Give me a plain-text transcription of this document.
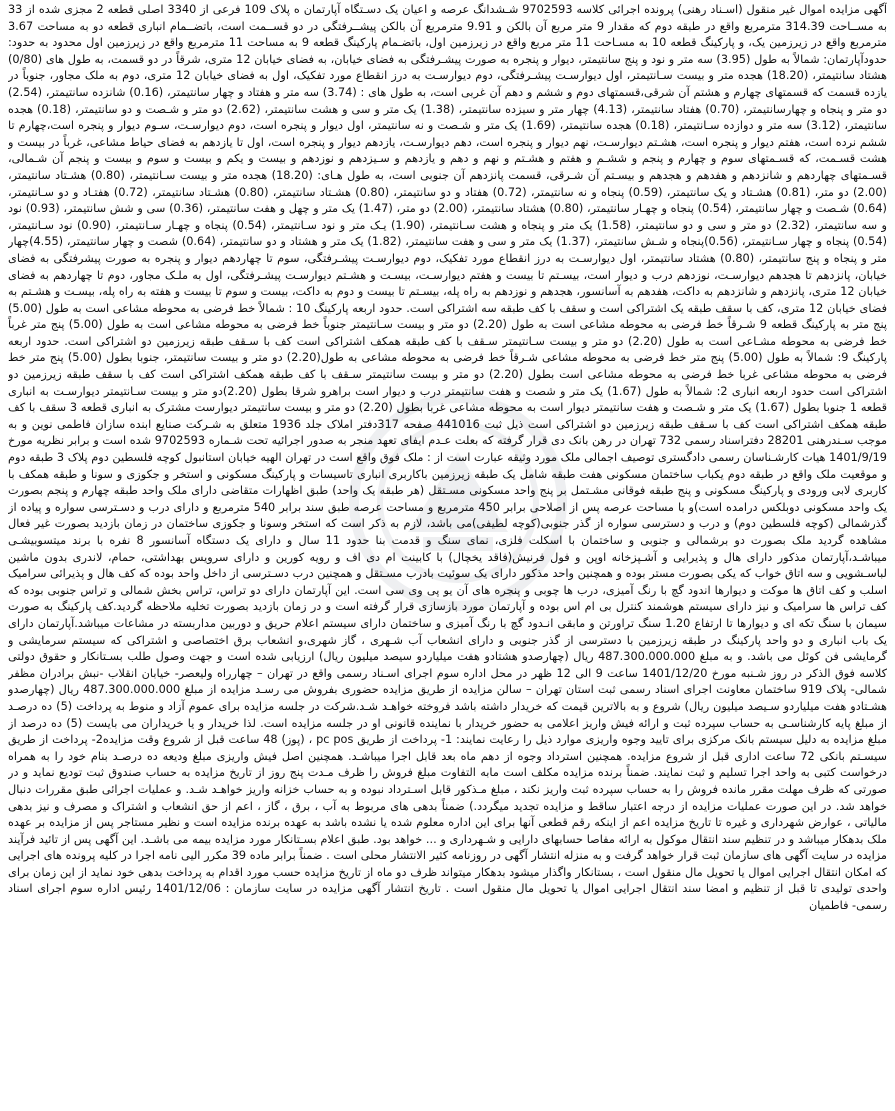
آگهی مزایده اموال غیر منقول (اسـناد رهنی) پرونده اجرائی کلاسه 9702593 شـشدانگ عرصه و اعیان یک دسـتگاه آپارتمان ه پلاک 109 فرعی از 3340 اصلی قطعه 2 مجزی شده از 33 به مســاحت 314.39 مترمربع واقع در طبقه دوم که مقدار 9 متر مربع آن بالکن و 9.91 مترمربع آن بالکن پیشــرفتگی در دو قســمت است، باتضــمام انباری قطعه دو به مساحت 3.67 مترمربع واقع در زیرزمین یک، و پارکینگ قطعه 10 به مسـاحت 11 متر مربع واقع در زیرزمین اول، باتضـمام پارکینگ قطعه 9 به مساحت 11 مترمربع واقع در زیرزمین اول محدود به حدود: حدودآپارتمان: شمالاً به طول (3.95) سه متر و نود و پنج سانتیمتر، دیوار و پنجره به صورت پیشـرفتگی به فضای خیابان، به فضای خیابان 12 متری، شرقاً در دو قسمت، به طول های (0/80) هشتاد سانتیمتر، (18.20) هجده متر و بیست سـانتیمتر، اول دیوارسـت پیشـرفتگی، دوم دیوارسـت به درز انقطاع مورد تفکیک، اول به فضای خیابان 12 متری، دوم به ملک مجاور، جنوباً در یازده قسمت که قسمتهای چهارم و هشتم آن شرقی،قسمتهای دوم و ششم و دهم آن غربی است، به طول های : (3.74) سه متر و هفتاد و چهار سانتیمتر، (0.16) شانزده سانتیمتر، (2.54) دو متر و پنجاه و چهارسانتیمتر، (0.70) هفتاد سانتیمتر، (4.13) چهار متر و سیزده سانتیمتر، (1.38) یک متر و سی و هشت سانتیمتر، (2.62) دو متر و شـصت و دو سانتیمتر، (0.18) هجده سانتیمتر، (3.12) سه متر و دوازده سـانتیمتر، (0.18) هجده سانتیمتر، (1.69) یک متر و شـصت و نه سانتیمتر، اول دیوار و پنجره است، دوم دیوارسـت، سـوم دیوار و پنجره است،چهارم تا ششم نرده است، هفتم دیوار و پنجره است، هشـتم دیوارسـت، نهم دیوار و پنجره است، دهم دیوارسـت، یازدهم دیوار و پنجره است، اول تا یازدهم به فضای حیاط مشاعی، غرباً در بیست و هشت قسـمت، که قسـمتهای سوم و چهارم و پنجم و ششـم و هفتم و هشـتم و نهم و دهم و یازدهم و سـیزدهم و نوزدهم و بیست و یکم و بیست و سوم و بیست و پنجم آن شـمالی، قسـمتهای چهاردهم و شانزدهم و هفدهم و هجدهم و بیسـتم آن شـرقی، قسمت پانزدهم آن جنوبی است، به طول هـای: (18.20) هجده متر و بیست سـانتیمتر، (0.80) هشـتاد سانتیمتر، (2.00) دو متر، (0.81) هشـتاد و یک سانتیمتر، (0.59) پنجاه و نه سانتیمتر، (0.72) هفتاد و دو سانتیمتر، (0.80) هشـتاد سانتیمتر، (0.80) هشـتاد سانتیمتر، (0.72) هفتـاد و دو سـانتیمتر، (0.64) شـصت و چهار سانتیمتر، (0.54) پنجاه و چهـار سانتیمتر، (0.80) هشتاد سانتیمتر، (2.00) دو متر، (1.47) یک متر و چهل و هفت سانتیمتر، (0.36) سی و شش سانتیمتر، (0.93) نود و سه سانتیمتر، (2.32) دو متر و سی و دو سانتیمتر، (1.58) یک متر و پنجاه و هشت سـانتیمتر، (1.90) یـک متر و نود سـانتیمتر، (0.54) پنجاه و چهـار سـانتیمتر، (0.90) نود سـانتیمتر، (0.54) پنجاه و چهار سـانتیمتر، (0.56)پنجاه و شـش سانتیمتر، (1.37) یک متر و سی و هفت سانتیمتر، (1.82) یک متر و هشتاد و دو سانتیمتر، (0.64) شصت و چهار سانتیمتر، (4.55)چهار متر و پنجاه و پنج سانتیمتر، (0.80) هشتاد سانتیمتر، اول دیوارسـت به درز انقطاع مورد تفکیک، دوم دیوارسـت پیشـرفتگی، سوم تا چهاردهم دیوار و پنجره به صورت پیشرفتگی به فضای خیابان، پانزدهم تا هجدهم دیوارسـت، نوزدهم درب و دیوار است، بیسـتم تا بیست و هفتم دیوارسـت، بیسـت و هشـتم دیوارسـت پیشـرفتگی، اول به ملـک مجاور، دوم تا چهاردهم به فضای خیابان 12 متری، پانزدهم و شانزدهم به داکت، هفدهم به آسانسور، هجدهم و نوزدهم به راه پله، بیسـتم تا بیست و دوم به داکت، بیست و سوم تا بیست و هفته به راه پله، بیسـت و هشـتم به فضای خیابان 12 متری، کف با سقف طبقه یک اشتراکی است و سقف با کف طبقه سه اشتراکی است. حدود اربعه پارکینگ 10 : شمالاً خط فرضی به محوطه مشاعی است به طول (5.00) پنج متر به پارکینگ قطعه 9 شـرقاً خط فرضی به محوطه مشاعی است به طول (2.20) دو متر و بیست سـانتیمتر جنوباً خط فرضی به محوطه مشاعی است به طول (5.00) پنج متر غرباً خط فرضی به محوطه مشـاعی است به طول (2.20) دو متر و بیست سـانتیمتر سـقف با کف طبقه همکف اشتراکی است کف با سـقف طبقه زیرزمین دو اشتراکی است. حدود اربعه پارکینگ 9: شمالاً به طول (5.00) پنج متر خط فرضی به محوطه مشاعی شـرقاً خط فرضی به محوطه مشاعی به طول(2.20) دو متر و بیست سانتیمتر، جنوبا بطول (5.00) پنج متر خط فرضی به محوطه مشاعی غربا خط فرضی به محوطه مشاعی است بطول (2.20) دو متر و بیست سانتیمتر سـقف با کف طبقه همکف اشتراکی است کف با سقف طبقه زیرزمین دو اشتراکی است حدود اربعه انباری 2: شمالاً به طول (1.67) یک متر و شصت و هفت سانتیمتر درب و دیوار است براهرو شرقا بطول (2.20)دو متر و بیست سـانتیمتر دیوارسـت به انباری قطعه 1 جنوبا بطول (1.67) یک متر و شـصت و هفت سانتیمتر دیوار است به محوطه مشاعی غربا بطول (2.20) دو متر و بیست سانتیمتر دیوارست مشترک به انباری قطعه 3 سقف با کف طبقه همکف اشتراکی است کف با سـقف طبقه زیرزمین دو اشتراکی است ذیل ثبت 441016 صفحه 317دفتر املاک جلد 1936 متعلق به شـرکت صنایع ابنده سازان فاطمی نوین و به موجب سـندرهنی 28201 دفتراسناد رسمی 732 تهران در رهن بانک دی قرار گرفته که بعلت عـدم ایفای تعهد منجر به صدور اجرائیه تحت شـماره 9702593 شده است و برابر نظریه مورخ 1401/9/19 هیات کارشـناسان رسمی دادگستری توصیف اجمالی ملک مورد وثیقه عبارت است از : ملک فوق واقع است در تهران الهیه خیابان استانبول کوچه فلسطین دوم پلاک 3 طبقه دوم و موقعیت ملک واقع در طبقه دوم یکباب ساختمان مسکونی هفت طبقه شامل یک طبقه زیرزمین باکاربری انباری تاسیسات و پارکینگ مسکونی و استخر و جکوزی و سونا و طبقه همکف با کاربری لابی ورودی و پارکینگ مسکونی و پنج طبقه فوقانی مشـتمل بر پنج واحد مسکونی مسـتقل (هر طبقه یک واحد) طبق اظهارات متقاضی دارای ملک واحد طبقه چهارم و پنجم بصورت یک واحد مسکونی دوبلکس درامده است)و با مساحت عرصه پس از اصلاحی برابر 450 مترمربع و مساحت عرصه طبق سند برابر 540 مترمربع و دارای درب و دسـترسی سواره و پیاده از گذرشمالی (کوچه فلسطین دوم) و درب و دسترسی سواره از گذر جنوبی(کوچه لطیفی)می باشد، لازم به ذکر است که استخر وسونا و جکوزی ساختمان در زمان بازدید بصورت غیر فعال مشاهده گردید ملک بصورت دو برشمالی و جنوبی و ساختمان با اسکلت فلزی، نمای سنگ و قدمت بنا حدود 11 سال و دارای یک دستگاه آسانسور 8 نفره با برند میتسوبیشـی میباشـد،آپارتمان مذکور دارای هال و پذیرایی و آشـپزخانه اوپن و فول فرنیش(فاقد یخچال) با کابینت ام دی اف و رویه کورین و دارای سرویس بهداشتی، حمام، لاندری بدون ماشین لباسـشویی و سه اتاق خواب که یکی بصورت مستر بوده و همچنین واحد مذکور دارای یک سوئیت بادرب مسـتقل و همچنین درب دسـترسی از داخل واحد بوده که کف هال و پذیرائی سرامیک اسلب و کف اتاق ها موکت و دیوارها اندود گچ با رنگ آمیزی، درب ها چوبی و پنجره های آن یو پی وی سی است. این آپارتمان دارای دو تراس، تراس بخش شمالی و تراس جنوبی بوده که کف تراس ها سرامیک و نیز دارای سیستم هوشمند کنترل بی ام اس بوده و آپارتمان مورد بازسازی قرار گرفته است و در زمان بازدید بصورت تخلیه ملاحظه گردید.کف پارکینگ به صورت سیمان با سنگ تکه ای و دیوارها تا ارتفاع 1.20 سنگ تراورتن و مابقی انـدود گچ با رنگ آمیزی و ساختمان دارای سیستم اعلام حریق و دوربین مداربسته در مشاعات میباشد.آپارتمان دارای یک باب انباری و دو واحد پارکینگ در طبقه زیرزمین با دسترسی از گذر جنوبی و دارای انشعاب آب شـهری ، گاز شهری،و انشعاب برق اختصاصی و اشتراکی که سیستم سرمایشی و گرمایشی فن کوئل می باشد. و به مبلغ 487.300.000.000 ریال (چهارصدو هشتادو هفت میلیاردو سیصد میلیون ریال) ارزیابی شده است و جهت وصول طلب بسـتانکار و حقوق دولتی کلاسه فوق الذکر در روز شـنبه مورخ 1401/12/20 ساعت 9 الی 12 ظهر در محل اداره سوم اجرای اسـناد رسمی واقع در تهران – چهارراه ولیعصر- خیابان انقلاب -نبش برادران مظفر شمالی- پلاک 919 ساختمان معاونت اجرای اسناد رسمی ثبت استان تهران – سالن مزایده از طریق مزایده حضوری بفروش می رسـد مزایده از مبلغ 487.300.000.000 ریال (چهارصدو هشـتادو هفت میلیاردو سـیصد میلیون ریال) شروع و به بالاترین قیمت که خریدار داشته باشد فروخته خواهـد شـد.شرکت در جلسه مزایده برای عموم آزاد و منوط به پرداخت (5) ده درصـد از مبلغ پایه کارشناسـی به حساب سپرده ثبت و ارائه فیش واریز اعلامی به حضور خریدار با نماینده قانونی او در جلسه مزایده است. لذا خریدار و یا خریداران می بایست (5) ده درصد از مبلغ مزایده به دلیل سیستم بانک مرکزی برای تایید وجوه واریزی موارد ذیل را رعایت نمایند: 1- پرداخت از طریق pc pos ، (پوز) 48 ساعت قبل از شروع وقت مزایده2- پرداخت از طریق سیسـتم بانکی 72 ساعت اداری قبل از شروع مزایده. همچنین استرداد وجوه از دهم ماه بعد قابل اجرا میباشـد. همچنین اصل فیش واریزی مبلغ ودیعه ده درصـد بنام خود را به همراه درخواست کتبی به واحد اجرا تسلیم و ثبت نمایند. ضمناً برنده مزایده مکلف است مابه التفاوت مبلغ فروش را ظرف مـدت پنج روز از تاریخ مزایده به حساب صندوق ثبت تودیع نماید و در صورتی که ظرف مهلت مقرر مانده فروش را به حساب سپرده ثبت واریز نکند ، مبلغ مـذکور قابل اسـترداد نبوده و به حساب خزانه واریز خواهـد شـد. و عملیات اجرائی طبق مقررات دنبال خواهد شد. در این صورت عملیات مزایده از درجه اعتبار ساقط و مزایده تجدید میگردد.) ضمناً بدهی های مربوط به آب ، برق ، گاز ، اعم از حق انشعاب و اشتراک و مصرف و نیز بدهی مالیاتی ، عوارض شهرداری و غیره تا تاریخ مزایده اعم از اینکه رقم قطعی آنها برای این اداره معلوم شده یا نشده باشد به عهده برنده مزایده است و نظیر مستاجر پس از مزایده بر عهده ملک بدهکار میباشد و در تنظیم سند انتقال موکول به ارائه مفاصا حسابهای دارایی و شـهرداری و ... خواهد بود. طبق اعلام بسـتانکار مورد مزایده بیمه می باشـد. این آگهی پس از تائید فرآیند مزایده در سایت آگهی های سازمان ثبت قرار خواهد گرفت و به منزله انتشار آگهی در روزنامه کثیر الانتشار محلی است . ضمناً برابر ماده 39 مکرر الیی نامه اجرا در کلیه پرونده های اجرایی که امکان انتقال اجرایی اموال یا تحویل مال منقول است ، بستانکار واگذار میشود بدهکار میتواند ظرف دو ماه از تاریخ مزایده حسب مورد اقدام به پرداخت بدهی خود نماید از این زمان برای واحدی تولیدی تا قبل از تنظیم و امضا سند انتقال اجرایی اموال یا تحویل مال منقول است . تاریخ انتشار آگهی مزایده در سایت سازمان : 1401/12/06 رئیس اداره سوم اجرای اسناد رسمی- فاطمیان
